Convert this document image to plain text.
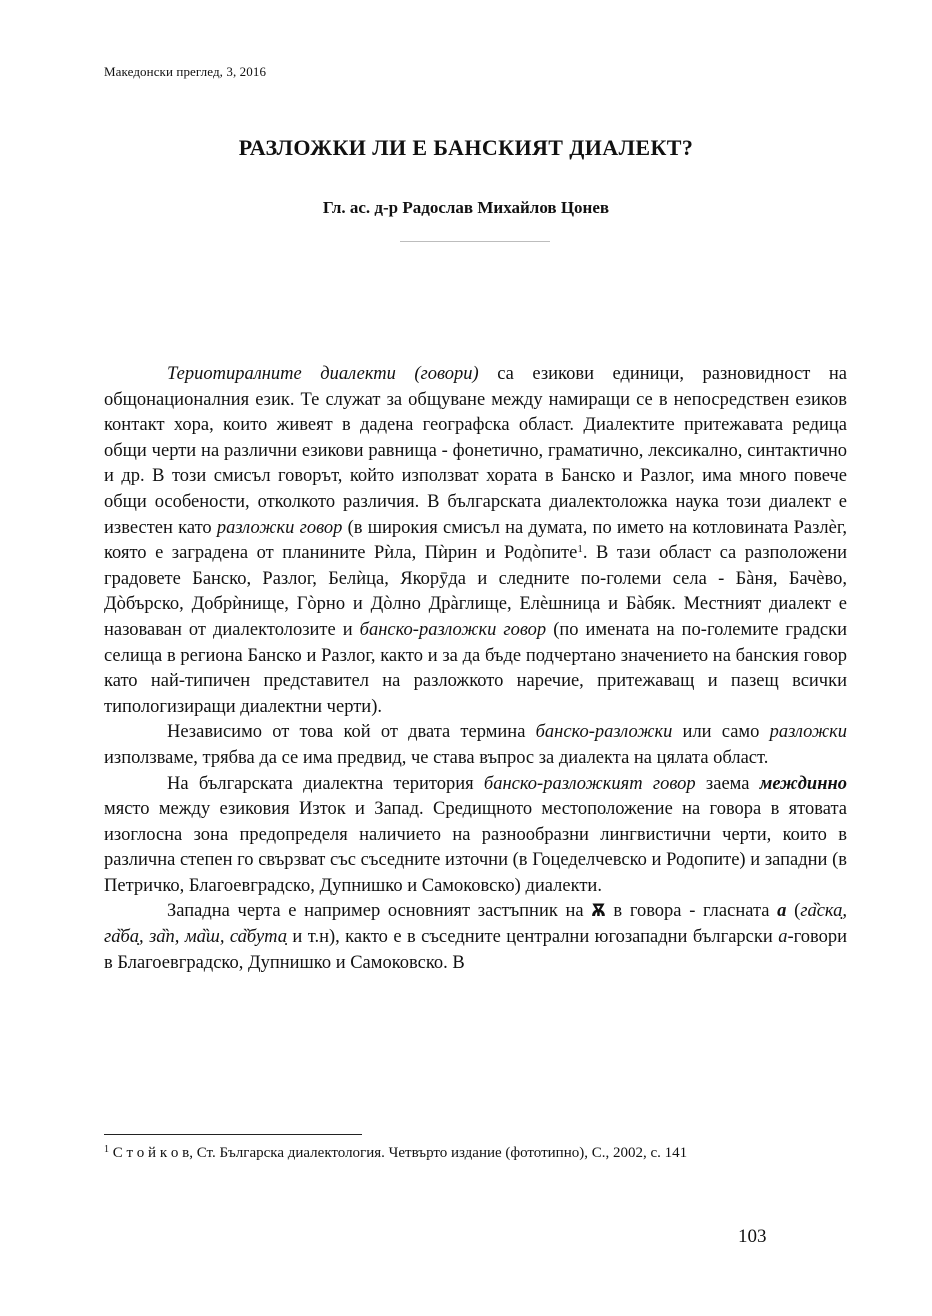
Македонски преглед, 3, 2016
РАЗЛОЖКИ ЛИ Е БАНСКИЯТ ДИАЛЕКТ?
Гл. ас. д-р Радослав Михайлов Цонев

Териотиралните диалекти (говори) са езикови единици, разновидност на общонационалния език. Те служат за общуване между намиращи се в непосредствен езиков контакт хора, които живеят в дадена географска област. Диалектите притежавата редица общи черти на различни езикови равнища - фонетично, граматично, лексикално, синтактично и др. В този смисъл говорът, който използват хората в Банско и Разлог, има много повече общи особености, отколкото различия. В българската диалектоложка наука този диалект е известен като разложки говор (в широкия смисъл на думата, по името на котловината Разлѐг, която е заградена от планините Рѝла, Пѝрин и Родòпите$^1$. В тази област са разположени градовете Банско, Разлог, Белѝца, Якорȳда и следните по-големи села - Бàня, Бачѐво, Дòбърско, Добрѝнище, Гòрно и Дòлно Дрàглище, Елѐшница и Бàбяк. Местният диалект е назоваван от диалектолозите и банско-разложки говор (по имената на по-големите градски селища в региона Банско и Разлог, както и за да бъде подчертано значението на банския говор като най-типичен представител на разложкото наречие, притежаващ и пазещ всички типологизиращи диалектни черти).

Независимо от това кой от двата термина банско-разложки или само разложки използваме, трябва да се има предвид, че става въпрос за диалекта на цялата област.

На българската диалектна територия банско-разложкият говор заема междинно място между езиковия Изток и Запад. Средищното местоположение на говора в ятовата изоглосна зона предопределя наличието на разнообразни лингвистични черти, които в различна степен го свързват със съседните източни (в Гоцеделчевско и Родопите) и западни (в Петричко, Благоевградско, Дупнишко и Самоковско) диалекти.

Западна черта е например основният застъпник на Ѫ в говора - гласната а (га̏ска̣, га̏ба̣, за̏п, ма̏ш, са̏бута̣ и т.н), както е в съседните централни югозападни български а-говори в Благоевградско, Дупнишко и Самоковско. В

$^1$ С т о й к о в, Ст. Българска диалектология. Четвърто издание (фототипно), С., 2002, с. 141
103
